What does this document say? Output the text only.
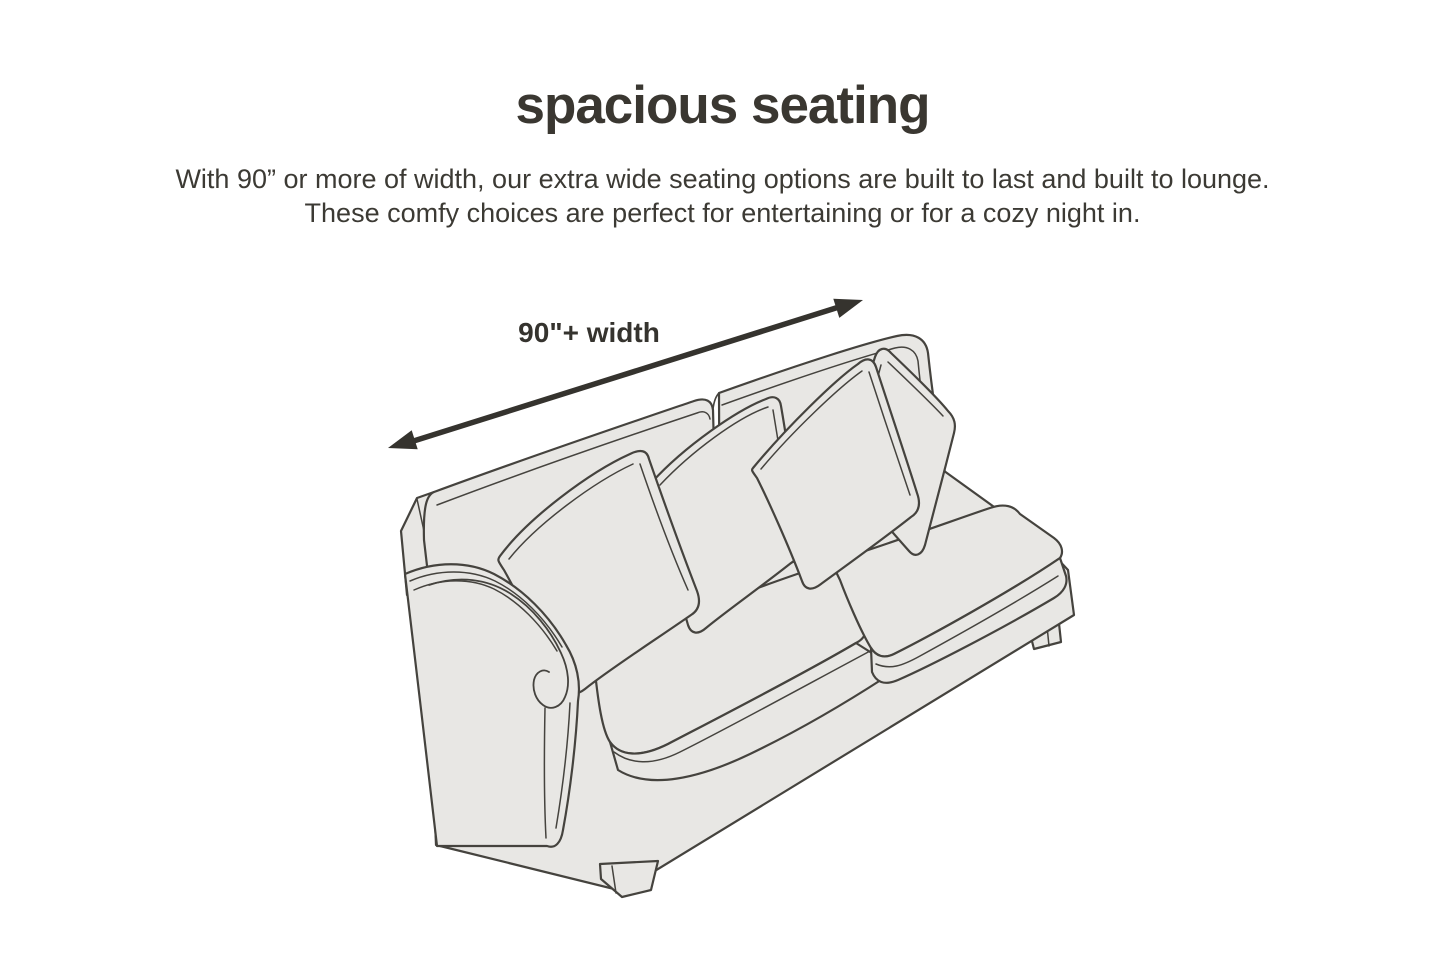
spacious seating

With 90” or more of width, our extra wide seating options are built to last and built to lounge.
These comfy choices are perfect for entertaining or for a cozy night in.

90"+ width
